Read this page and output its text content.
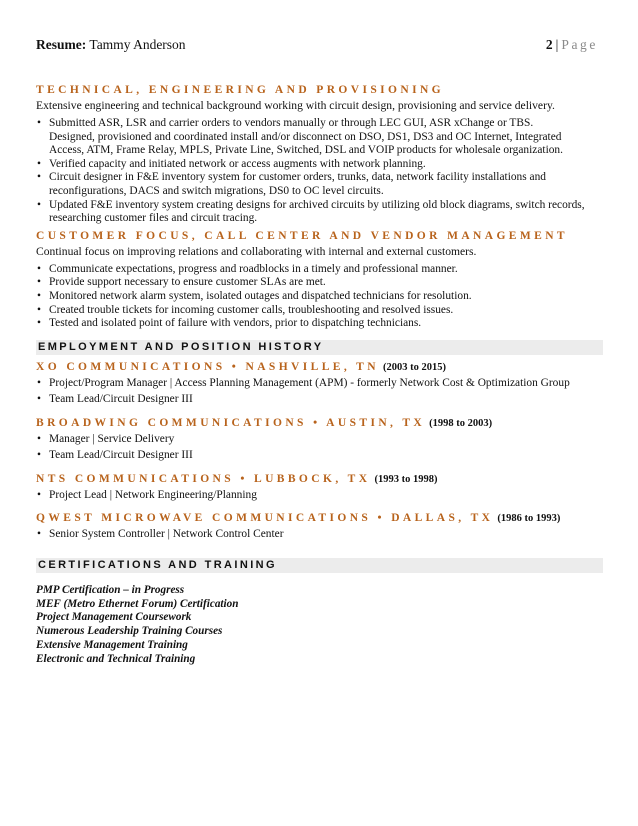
Resume: Tammy Anderson	2 | Page
TECHNICAL, ENGINEERING AND PROVISIONING
Extensive engineering and technical background working with circuit design, provisioning and service delivery.
• Submitted ASR, LSR and carrier orders to vendors manually or through LEC GUI, ASR xChange or TBS.
Designed, provisioned and coordinated install and/or disconnect on DSO, DS1, DS3 and OC Internet, Integrated
Access, ATM, Frame Relay, MPLS, Private Line, Switched, DSL and VOIP products for wholesale organization.
• Verified capacity and initiated network or access augments with network planning.
• Circuit designer in F&E inventory system for customer orders, trunks, data, network facility installations and
reconfigurations, DACS and switch migrations, DS0 to OC level circuits.
• Updated F&E inventory system creating designs for archived circuits by utilizing old block diagrams, switch records,
researching customer files and circuit tracing.
CUSTOMER FOCUS, CALL CENTER AND VENDOR MANAGEMENT
Continual focus on improving relations and collaborating with internal and external customers.
• Communicate expectations, progress and roadblocks in a timely and professional manner.
• Provide support necessary to ensure customer SLAs are met.
• Monitored network alarm system, isolated outages and dispatched technicians for resolution.
• Created trouble tickets for incoming customer calls, troubleshooting and resolved issues.
• Tested and isolated point of failure with vendors, prior to dispatching technicians.
EMPLOYMENT AND POSITION HISTORY
XO COMMUNICATIONS • NASHVILLE, TN (2003 to 2015)
• Project/Program Manager | Access Planning Management (APM) - formerly Network Cost & Optimization Group
• Team Lead/Circuit Designer III
BROADWING COMMUNICATIONS • AUSTIN, TX (1998 to 2003)
• Manager | Service Delivery
• Team Lead/Circuit Designer III
NTS COMMUNICATIONS • LUBBOCK, TX (1993 to 1998)
• Project Lead | Network Engineering/Planning
QWEST MICROWAVE COMMUNICATIONS • DALLAS, TX (1986 to 1993)
• Senior System Controller | Network Control Center
CERTIFICATIONS AND TRAINING
PMP Certification – in Progress
MEF (Metro Ethernet Forum) Certification
Project Management Coursework
Numerous Leadership Training Courses
Extensive Management Training
Electronic and Technical Training
